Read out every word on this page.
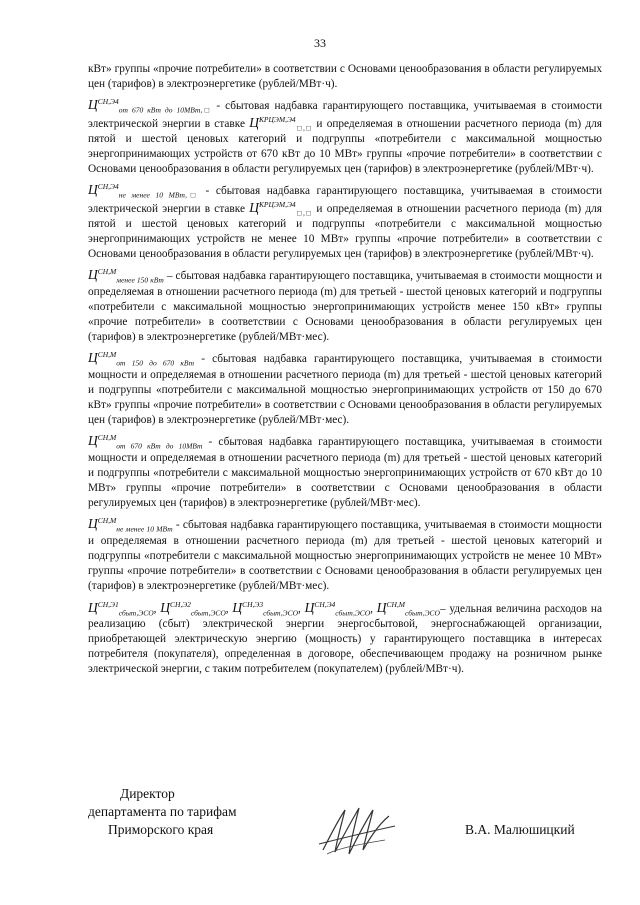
33

кВт» группы «прочие потребители» в соответствии с Основами ценообразования в области регулируемых цен (тарифов) в электроэнергетике (рублей/МВт·ч).

$Ц^{СН,Э4}_{от 670 кВт до 10МВт,□}$ - сбытовая надбавка гарантирующего поставщика, учитываемая в стоимости электрической энергии в ставке $Ц^{КРЦЭМ,Э4}_{□,□}$ и определяемая в отношении расчетного периода (m) для пятой и шестой ценовых категорий и подгруппы «потребители с максимальной мощностью энергопринимающих устройств от 670 кВт до 10 МВт» группы «прочие потребители» в соответствии с Основами ценообразования в области регулируемых цен (тарифов) в электроэнергетике (рублей/МВт·ч).

$Ц^{СН,Э4}_{не менее 10 МВт,□}$ - сбытовая надбавка гарантирующего поставщика, учитываемая в стоимости электрической энергии в ставке $Ц^{КРЦЭМ,Э4}_{□,□}$ и определяемая в отношении расчетного периода (m) для пятой и шестой ценовых категорий и подгруппы «потребители с максимальной мощностью энергопринимающих устройств не менее 10 МВт» группы «прочие потребители» в соответствии с Основами ценообразования в области регулируемых цен (тарифов) в электроэнергетике (рублей/МВт·ч).

$Ц^{СН,М}_{менее 150 кВт}$ – сбытовая надбавка гарантирующего поставщика, учитываемая в стоимости мощности и определяемая в отношении расчетного периода (m) для третьей - шестой ценовых категорий и подгруппы «потребители с максимальной мощностью энергопринимающих устройств менее 150 кВт» группы «прочие потребители» в соответствии с Основами ценообразования в области регулируемых цен (тарифов) в электроэнергетике (рублей/МВт·мес).

$Ц^{СН,М}_{от 150 до 670 кВт}$ - сбытовая надбавка гарантирующего поставщика, учитываемая в стоимости мощности и определяемая в отношении расчетного периода (m) для третьей - шестой ценовых категорий и подгруппы «потребители с максимальной мощностью энергопринимающих устройств от 150 до 670 кВт» группы «прочие потребители» в соответствии с Основами ценообразования в области регулируемых цен (тарифов) в электроэнергетике (рублей/МВт·мес).

$Ц^{СН,М}_{от 670 кВт до 10МВт}$ - сбытовая надбавка гарантирующего поставщика, учитываемая в стоимости мощности и определяемая в отношении расчетного периода (m) для третьей - шестой ценовых категорий и подгруппы «потребители с максимальной мощностью энергопринимающих устройств от 670 кВт до 10 МВт» группы «прочие потребители» в соответствии с Основами ценообразования в области регулируемых цен (тарифов) в электроэнергетике (рублей/МВт·мес).

$Ц^{СН,М}_{не менее 10 МВт}$ - сбытовая надбавка гарантирующего поставщика, учитываемая в стоимости мощности и определяемая в отношении расчетного периода (m) для третьей - шестой ценовых категорий и подгруппы «потребители с максимальной мощностью энергопринимающих устройств не менее 10 МВт» группы «прочие потребители» в соответствии с Основами ценообразования в области регулируемых цен (тарифов) в электроэнергетике (рублей/МВт·мес).

$Ц^{СН,Э1}_{сбыт,ЭСО}$, $Ц^{СН,Э2}_{сбыт,ЭСО}$, $Ц^{СН,Э3}_{сбыт,ЭСО}$, $Ц^{СН,Э4}_{сбыт,ЭСО}$, $Ц^{СН,М}_{сбыт,ЭСО}-$ удельная величина расходов на реализацию (сбыт) электрической энергии энергосбытовой, энергоснабжающей организации, приобретающей электрическую энергию (мощность) у гарантирующего поставщика в интересах потребителя (покупателя), определенная в договоре, обеспечивающем продажу на розничном рынке электрической энергии, с таким потребителем (покупателем) (рублей/МВт·ч).

Директор
департамента по тарифам
Приморского края	В.А. Малюшицкий
